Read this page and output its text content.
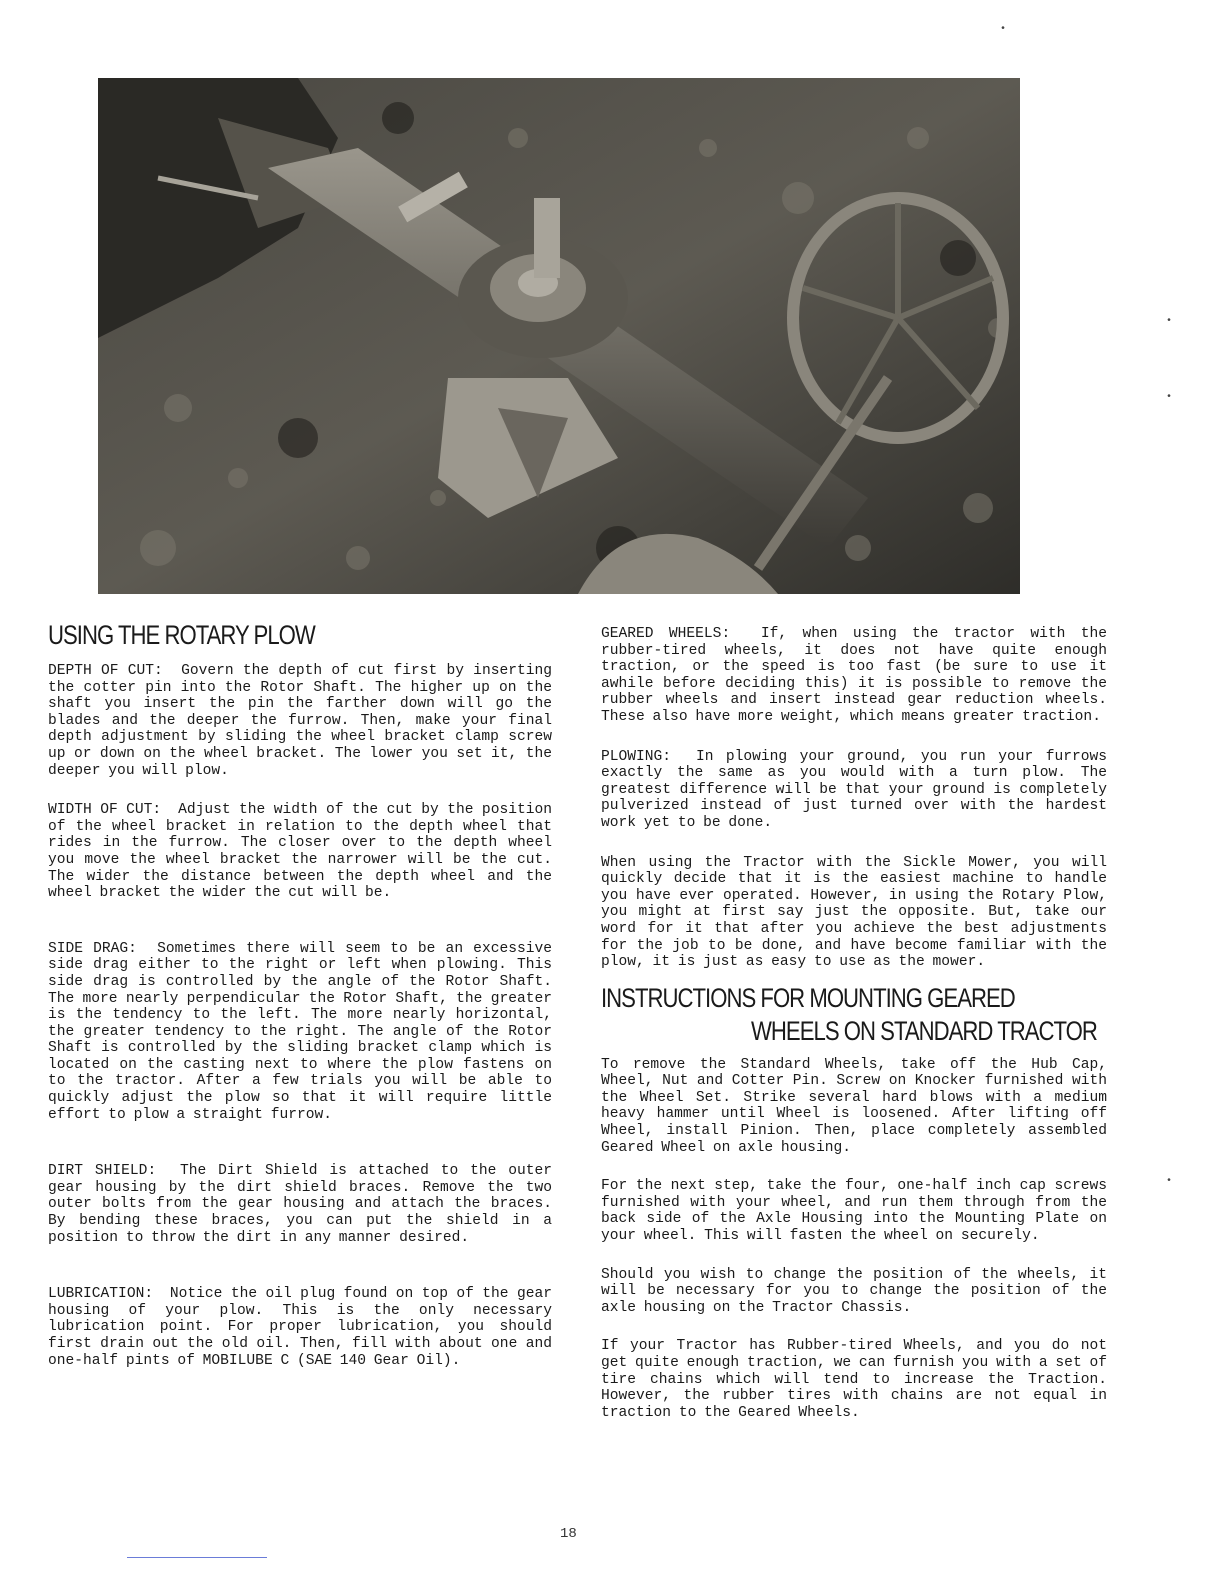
USING THE ROTARY PLOW

DEPTH OF CUT: Govern the depth of cut first by inserting the cotter pin into the Rotor Shaft. The higher up on the shaft you insert the pin the farther down will go the blades and the deeper the furrow. Then, make your final depth adjustment by sliding the wheel bracket clamp screw up or down on the wheel bracket. The lower you set it, the deeper you will plow.

WIDTH OF CUT: Adjust the width of the cut by the position of the wheel bracket in relation to the depth wheel that rides in the furrow. The closer over to the depth wheel you move the wheel bracket the narrower will be the cut. The wider the distance between the depth wheel and the wheel bracket the wider the cut will be.

SIDE DRAG: Sometimes there will seem to be an excessive side drag either to the right or left when plowing. This side drag is controlled by the angle of the Rotor Shaft. The more nearly perpendicular the Rotor Shaft, the greater is the tendency to the left. The more nearly horizontal, the greater tendency to the right. The angle of the Rotor Shaft is controlled by the sliding bracket clamp which is located on the casting next to where the plow fastens on to the tractor. After a few trials you will be able to quickly adjust the plow so that it will require little effort to plow a straight furrow.

DIRT SHIELD: The Dirt Shield is attached to the outer gear housing by the dirt shield braces. Remove the two outer bolts from the gear housing and attach the braces. By bending these braces, you can put the shield in a position to throw the dirt in any manner desired.

LUBRICATION: Notice the oil plug found on top of the gear housing of your plow. This is the only necessary lubrication point. For proper lubrication, you should first drain out the old oil. Then, fill with about one and one-half pints of MOBILUBE C (SAE 140 Gear Oil).

GEARED WHEELS: If, when using the tractor with the rubber-tired wheels, it does not have quite enough traction, or the speed is too fast (be sure to use it awhile before deciding this) it is possible to remove the rubber wheels and insert instead gear reduction wheels. These also have more weight, which means greater traction.

PLOWING: In plowing your ground, you run your furrows exactly the same as you would with a turn plow. The greatest difference will be that your ground is completely pulverized instead of just turned over with the hardest work yet to be done.

When using the Tractor with the Sickle Mower, you will quickly decide that it is the easiest machine to handle you have ever operated. However, in using the Rotary Plow, you might at first say just the opposite. But, take our word for it that after you achieve the best adjustments for the job to be done, and have become familiar with the plow, it is just as easy to use as the mower.

INSTRUCTIONS FOR MOUNTING GEARED
WHEELS ON STANDARD TRACTOR

To remove the Standard Wheels, take off the Hub Cap, Wheel, Nut and Cotter Pin. Screw on Knocker furnished with the Wheel Set. Strike several hard blows with a medium heavy hammer until Wheel is loosened. After lifting off Wheel, install Pinion. Then, place completely assembled Geared Wheel on axle housing.

For the next step, take the four, one-half inch cap screws furnished with your wheel, and run them through from the back side of the Axle Housing into the Mounting Plate on your wheel. This will fasten the wheel on securely.

Should you wish to change the position of the wheels, it will be necessary for you to change the position of the axle housing on the Tractor Chassis.

If your Tractor has Rubber-tired Wheels, and you do not get quite enough traction, we can furnish you with a set of tire chains which will tend to increase the Traction. However, the rubber tires with chains are not equal in traction to the Geared Wheels.

18
•
•
•
•
